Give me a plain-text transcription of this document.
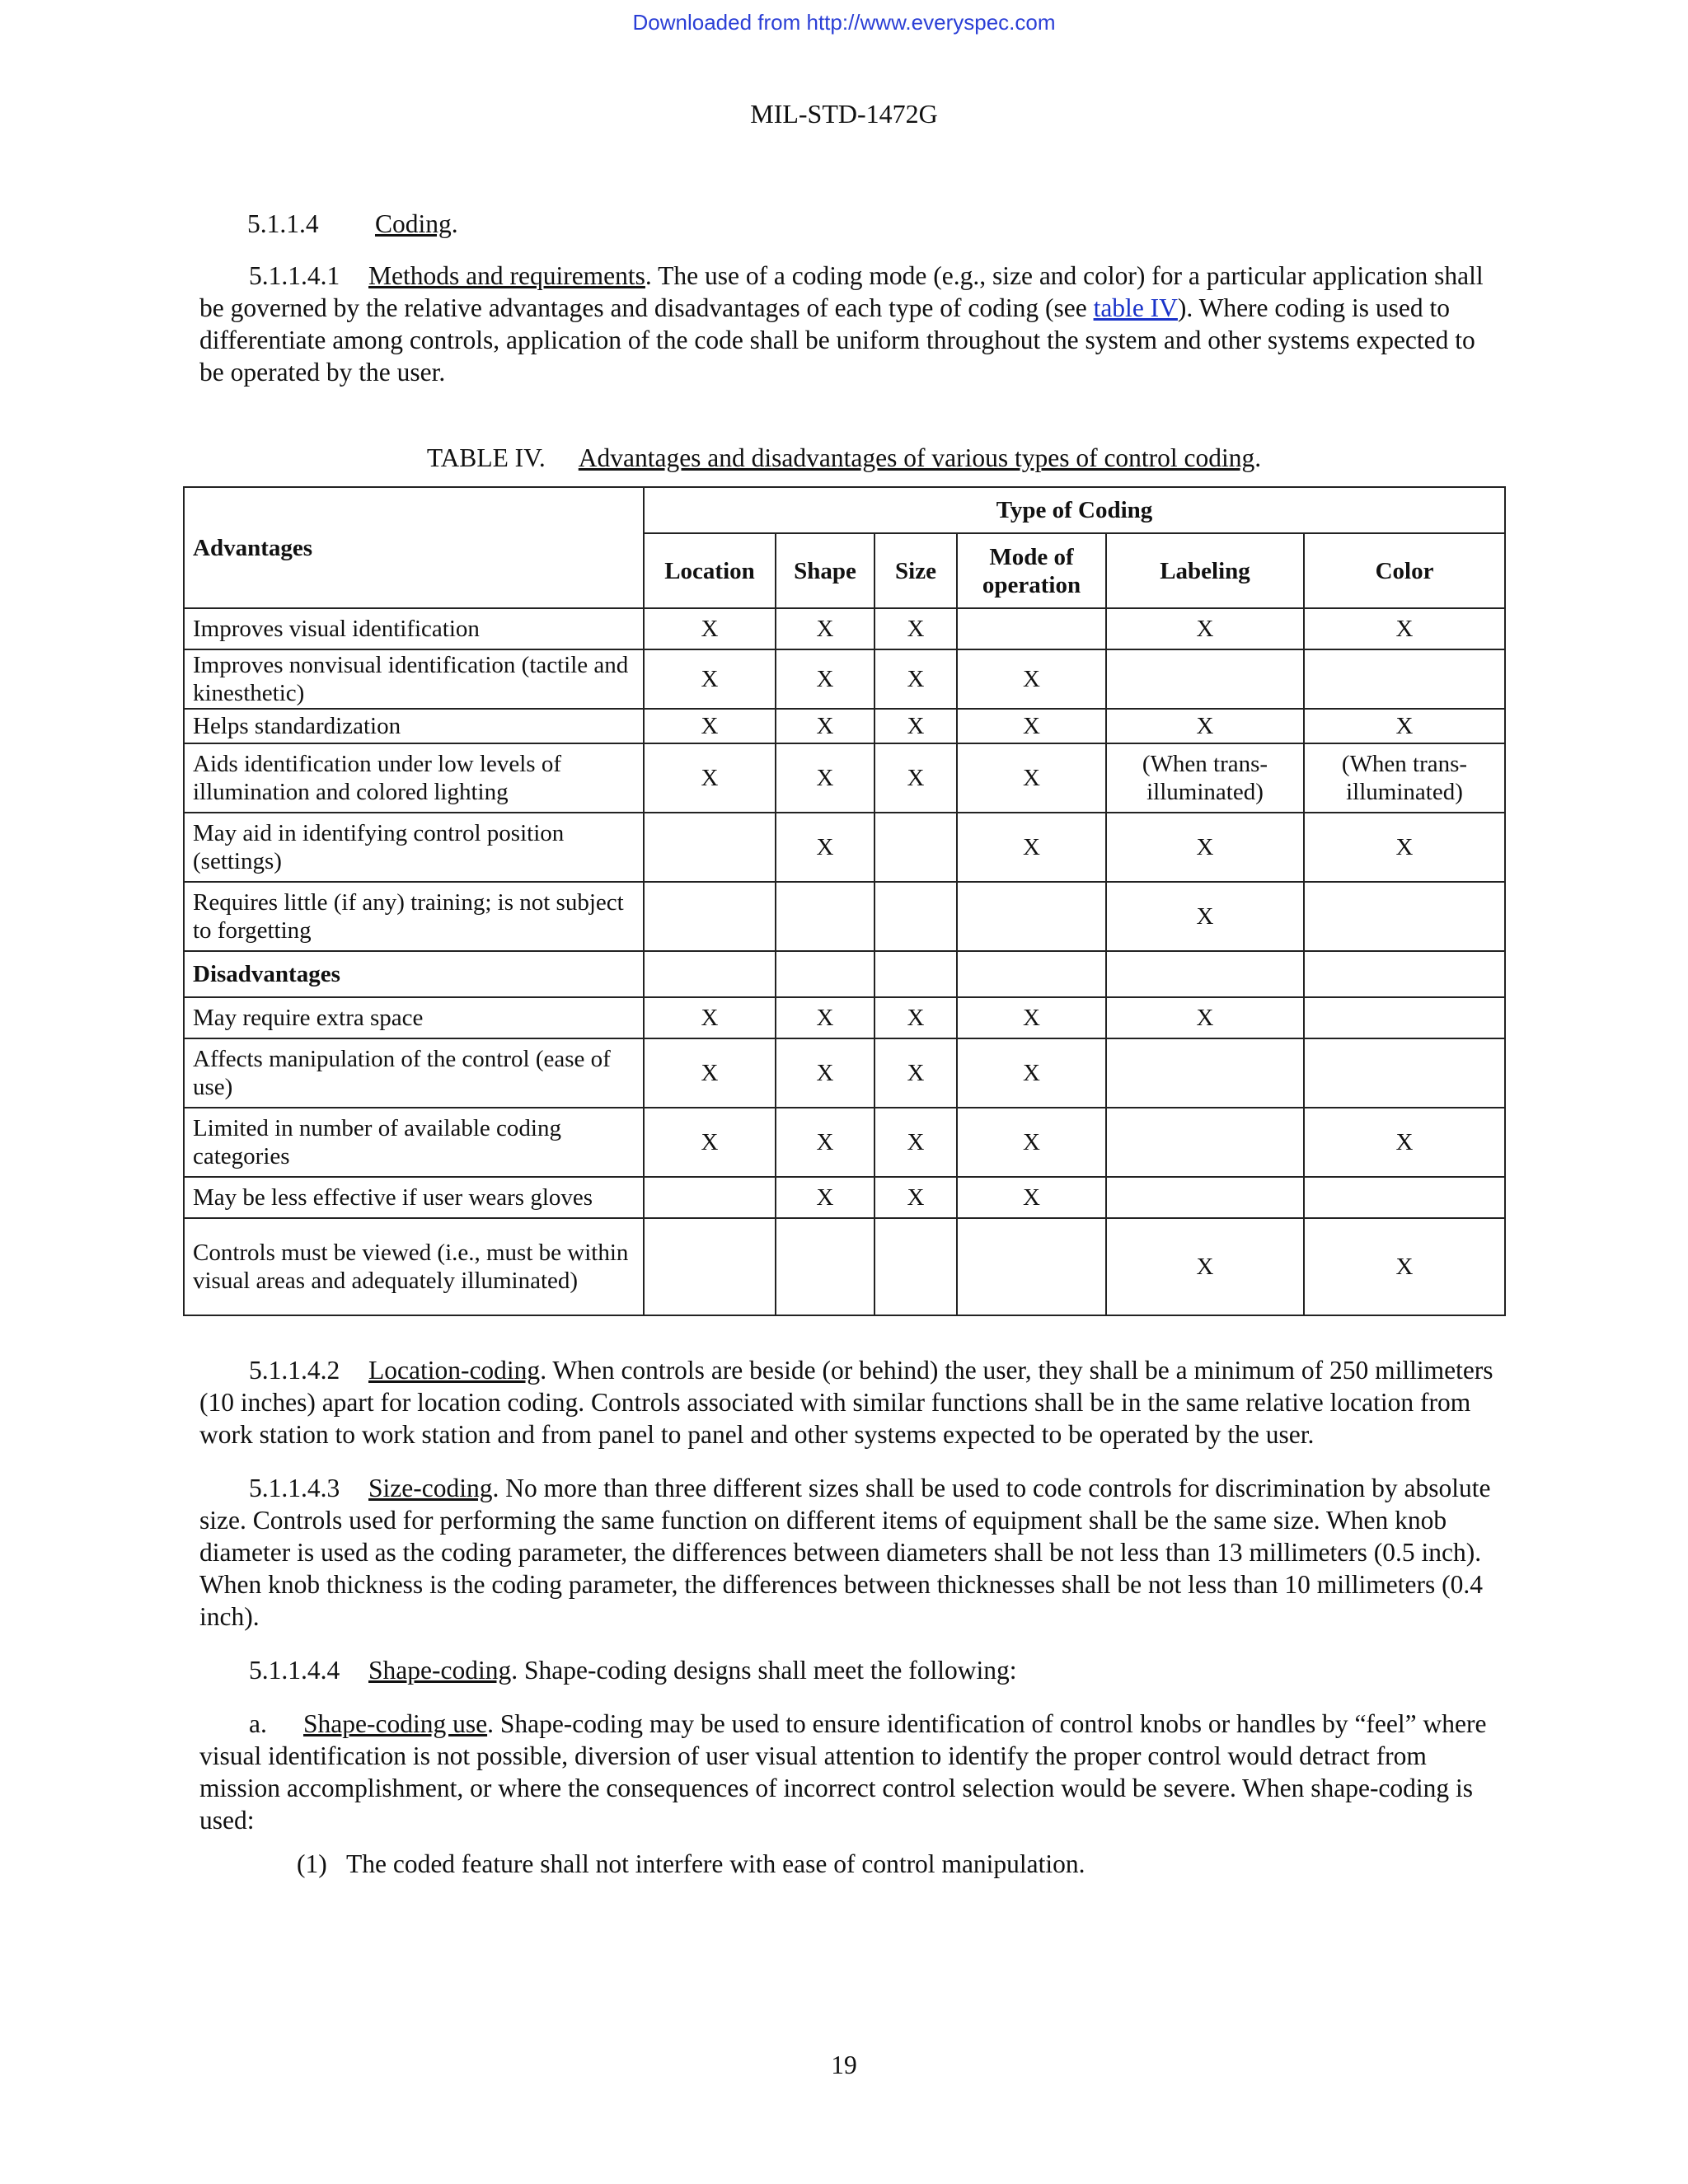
Downloaded from http://www.everyspec.com
MIL-STD-1472G

5.1.1.4 Coding.

5.1.1.4.1 Methods and requirements. The use of a coding mode (e.g., size and color) for a particular application shall be governed by the relative advantages and disadvantages of each type of coding (see table IV). Where coding is used to differentiate among controls, application of the code shall be uniform throughout the system and other systems expected to be operated by the user.

TABLE IV. Advantages and disadvantages of various types of control coding.
Advantages	Type of Coding					
	Location	Shape	Size	Mode of operation	Labeling	Color
Improves visual identification	X	X	X		X	X
Improves nonvisual identification (tactile and kinesthetic)	X	X	X	X		
Helps standardization	X	X	X	X	X	X
Aids identification under low levels of illumination and colored lighting	X	X	X	X	(When trans-illuminated)	(When trans-illuminated)
May aid in identifying control position (settings)		X		X	X	X
Requires little (if any) training; is not subject to forgetting					X	
Disadvantages						
May require extra space	X	X	X	X	X	
Affects manipulation of the control (ease of use)	X	X	X	X		
Limited in number of available coding categories	X	X	X	X		X
May be less effective if user wears gloves		X	X	X		
Controls must be viewed (i.e., must be within visual areas and adequately illuminated)					X	X

5.1.1.4.2 Location-coding. When controls are beside (or behind) the user, they shall be a minimum of 250 millimeters (10 inches) apart for location coding. Controls associated with similar functions shall be in the same relative location from work station to work station and from panel to panel and other systems expected to be operated by the user.

5.1.1.4.3 Size-coding. No more than three different sizes shall be used to code controls for discrimination by absolute size. Controls used for performing the same function on different items of equipment shall be the same size. When knob diameter is used as the coding parameter, the differences between diameters shall be not less than 13 millimeters (0.5 inch). When knob thickness is the coding parameter, the differences between thicknesses shall be not less than 10 millimeters (0.4 inch).

5.1.1.4.4 Shape-coding. Shape-coding designs shall meet the following:

a. Shape-coding use. Shape-coding may be used to ensure identification of control knobs or handles by “feel” where visual identification is not possible, diversion of user visual attention to identify the proper control would detract from mission accomplishment, or where the consequences of incorrect control selection would be severe. When shape-coding is used:

(1) The coded feature shall not interfere with ease of control manipulation.

19
